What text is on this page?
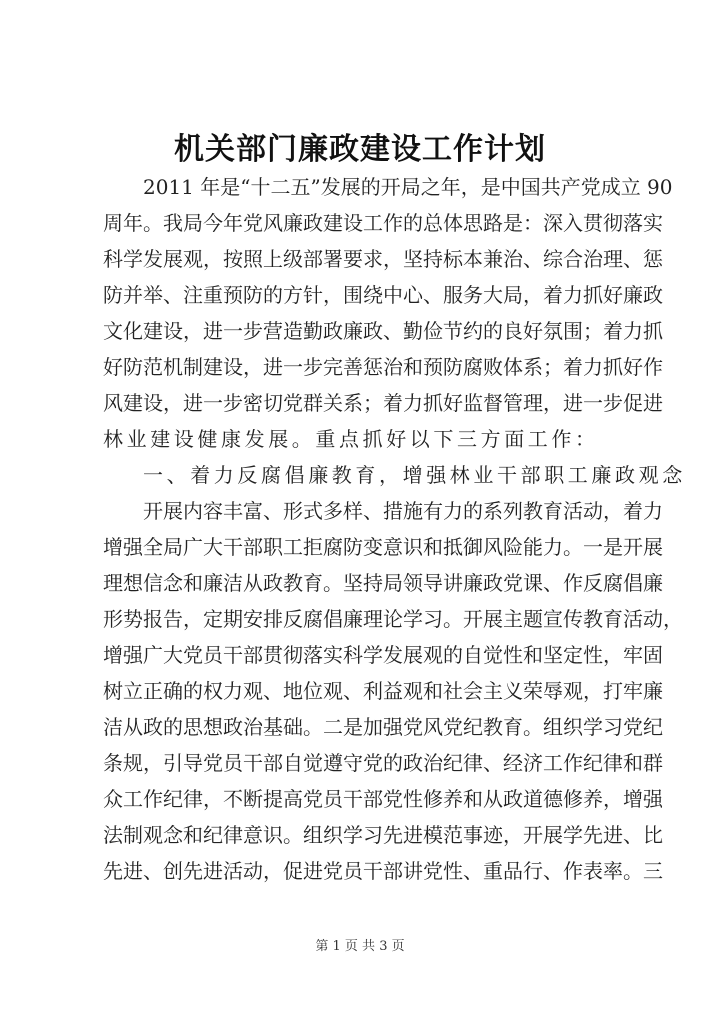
机关部门廉政建设工作计划
2011 年是“十二五”发展的开局之年，是中国共产党成立 90
周年。我局今年党风廉政建设工作的总体思路是：深入贯彻落实
科学发展观，按照上级部署要求，坚持标本兼治、综合治理、惩
防并举、注重预防的方针，围绕中心、服务大局，着力抓好廉政
文化建设，进一步营造勤政廉政、勤俭节约的良好氛围；着力抓
好防范机制建设，进一步完善惩治和预防腐败体系；着力抓好作
风建设，进一步密切党群关系；着力抓好监督管理，进一步促进
林业建设健康发展。重点抓好以下三方面工作：
一、着力反腐倡廉教育，增强林业干部职工廉政观念
开展内容丰富、形式多样、措施有力的系列教育活动，着力
增强全局广大干部职工拒腐防变意识和抵御风险能力。一是开展
理想信念和廉洁从政教育。坚持局领导讲廉政党课、作反腐倡廉
形势报告，定期安排反腐倡廉理论学习。开展主题宣传教育活动，
增强广大党员干部贯彻落实科学发展观的自觉性和坚定性，牢固
树立正确的权力观、地位观、利益观和社会主义荣辱观，打牢廉
洁从政的思想政治基础。二是加强党风党纪教育。组织学习党纪
条规，引导党员干部自觉遵守党的政治纪律、经济工作纪律和群
众工作纪律，不断提高党员干部党性修养和从政道德修养，增强
法制观念和纪律意识。组织学习先进模范事迹，开展学先进、比
先进、创先进活动，促进党员干部讲党性、重品行、作表率。三
第 1 页 共 3 页
